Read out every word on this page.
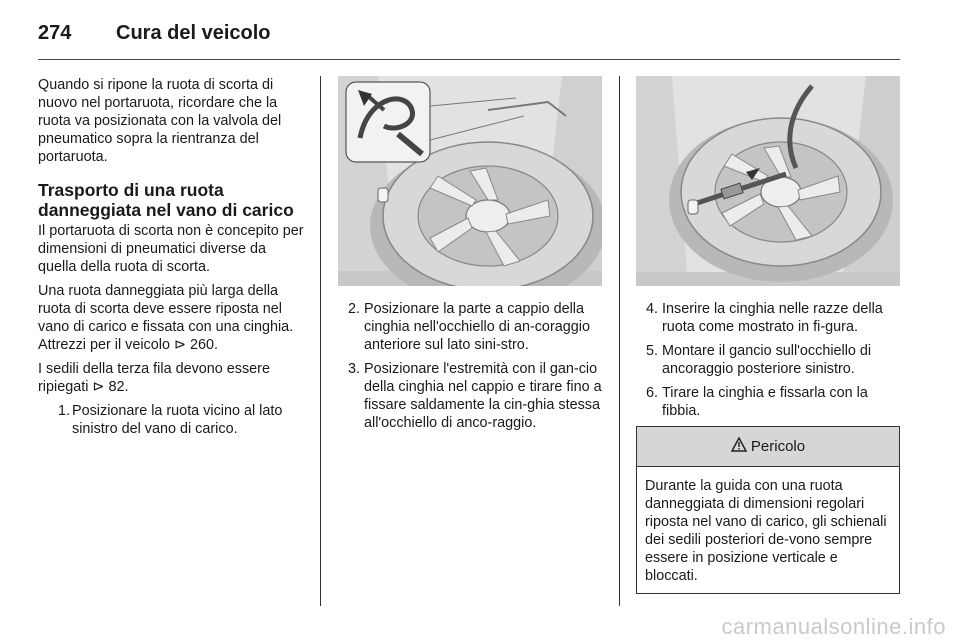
274 Cura del veicolo

Quando si ripone la ruota di scorta di nuovo nel portaruota, ricordare che la ruota va posizionata con la valvola del pneumatico sopra la rientranza del portaruota.

Trasporto di una ruota danneggiata nel vano di carico

Il portaruota di scorta non è concepito per dimensioni di pneumatici diverse da quella della ruota di scorta.

Una ruota danneggiata più larga della ruota di scorta deve essere riposta nel vano di carico e fissata con una cinghia. Attrezzi per il veicolo ⊳ 260.

I sedili della terza fila devono essere ripiegati ⊳ 82.

1. Posizionare la ruota vicino al lato sinistro del vano di carico.
2. Posizionare la parte a cappio della cinghia nell'occhiello di an-coraggio anteriore sul lato sini-stro.
3. Posizionare l'estremità con il gan-cio della cinghia nel cappio e tirare fino a fissare saldamente la cin-ghia stessa all'occhiello di anco-raggio.
4. Inserire la cinghia nelle razze della ruota come mostrato in fi-gura.
5. Montare il gancio sull'occhiello di ancoraggio posteriore sinistro.
6. Tirare la cinghia e fissarla con la fibbia.
Pericolo
Durante la guida con una ruota danneggiata di dimensioni regolari riposta nel vano di carico, gli schienali dei sedili posteriori de-vono sempre essere in posizione verticale e bloccati.
carmanualsonline.info
